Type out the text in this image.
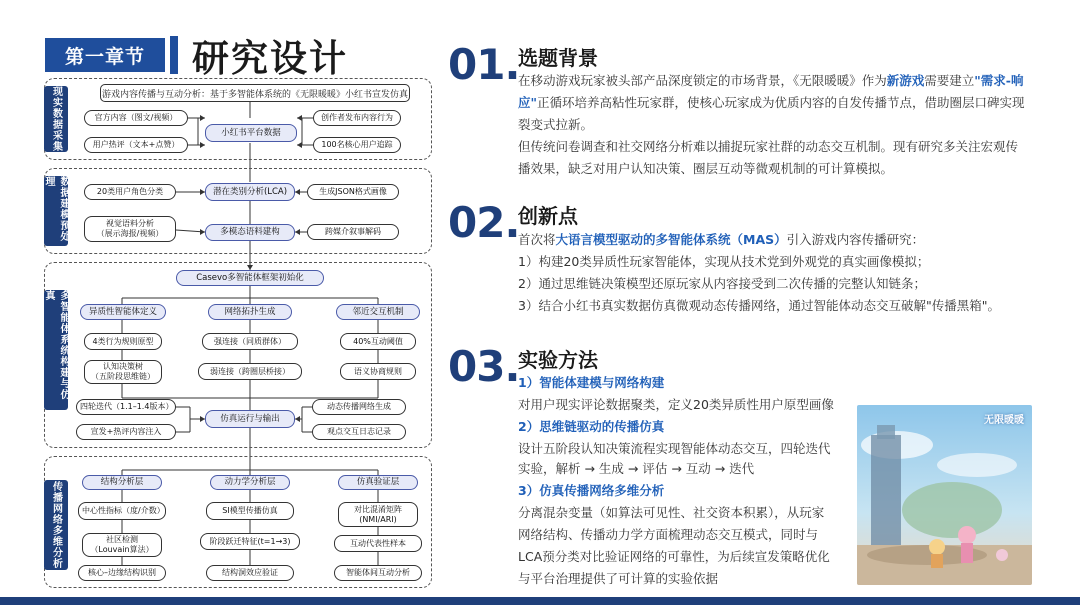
第一章节	研究设计
游戏内容传播与互动分析：基于多智能体系统的《无限暖暖》小红书宣发仿真
现实数据采集	官方内容（图文/视频）
用户热评（文本+点赞）
小红书平台数据
创作者发布内容行为
100名核心用户追踪
数据建模预处理
20类用户角色分类	潜在类别分析(LCA)	生成JSON格式画像
视觉语料分析
（展示海报/视频）	多模态语料建构	跨媒介叙事解码
多智能体系统构建与仿真
Casevo多智能体框架初始化
异质性智能体定义
4类行为规则原型
认知决策树
（五阶段思维链）
网络拓扑生成
强连接（同质群体）
弱连接（跨圈层桥接）
邻近交互机制
40%互动阈值
语义协商规则
四轮迭代（1.1–1.4版本）
宣发+热评内容注入
仿真运行与输出
动态传播网络生成
观点交互日志记录
传播网络多维分析	结构分析层
中心性指标（度/介数）
社区检测
（Louvain算法）
核心–边缘结构识别
动力学分析层
SI模型传播仿真
阶段跃迁特征(t=1→3)
结构洞效应验证
仿真验证层
对比混淆矩阵
(NMI/ARI)
互动代表性样本
智能体间互动分析
01.
选题背景
在移动游戏玩家被头部产品深度锁定的市场背景，《无限暖暖》作为新游戏需要建立"需求-响应"正循环培养高粘性玩家群，使核心玩家成为优质内容的自发传播节点，借助圈层口碑实现裂变式拉新。
但传统问卷调查和社交网络分析难以捕捉玩家社群的动态交互机制。现有研究多关注宏观传播效果，缺乏对用户认知决策、圈层互动等微观机制的可计算模拟。
02.
创新点
首次将大语言模型驱动的多智能体系统（MAS）引入游戏内容传播研究：
1）构建20类异质性玩家智能体，实现从技术党到外观党的真实画像模拟；
2）通过思维链决策模型还原玩家从内容接受到二次传播的完整认知链条；
3）结合小红书真实数据仿真微观动态传播网络，通过智能体动态交互破解"传播黑箱"。
03.
实验方法
1）智能体建模与网络构建
对用户现实评论数据聚类，定义20类异质性用户原型画像
2）思维链驱动的传播仿真
设计五阶段认知决策流程实现智能体动态交互，四轮迭代
实验，解析 → 生成 → 评估 → 互动 → 迭代
3）仿真传播网络多维分析
分离混杂变量（如算法可见性、社交资本积累），从玩家
网络结构、传播动力学方面梳理动态交互模式，同时与
LCA预分类对比验证网络的可靠性，为后续宣发策略优化
与平台治理提供了可计算的实验依据
无限暖暖
